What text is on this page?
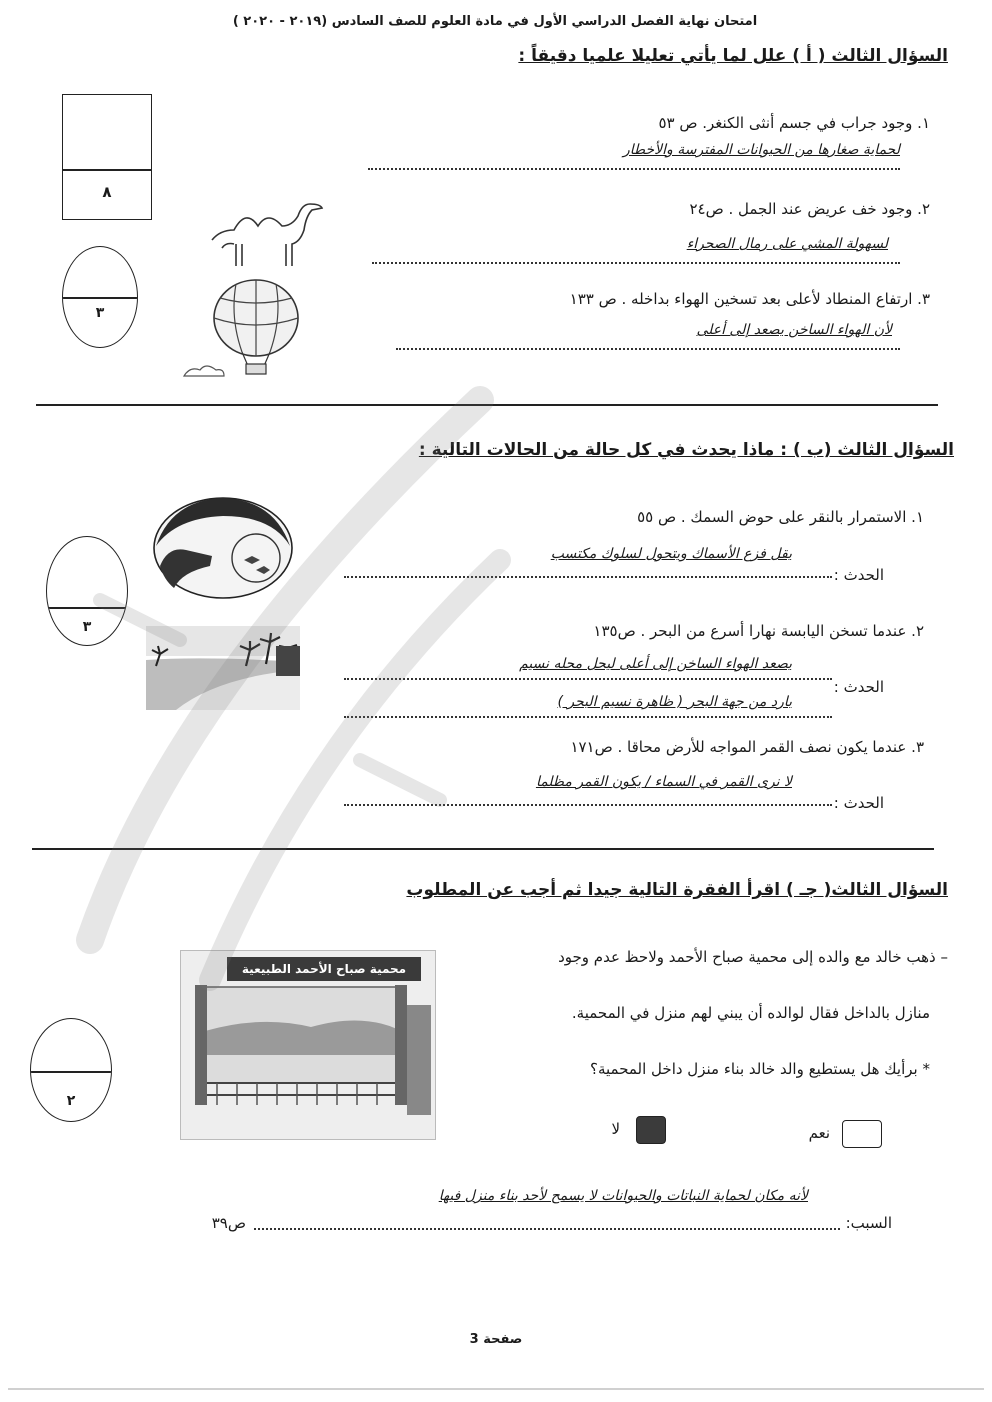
امتحان نهاية الفصل الدراسي الأول في مادة العلوم للصف السادس (٢٠١٩ - ٢٠٢٠ )
السؤال الثالث ( أ ) علل لما يأتي تعليلا علميا دقيقاً :
٨
٣
١. وجود جراب في جسم أنثى الكنغر. ص ٥٣
لحماية صغارها من الحيوانات المفترسة والأخطار
٢. وجود خف عريض عند الجمل . ص٢٤
لسهولة المشي على رمال الصحراء
٣. ارتفاع المنطاد لأعلى بعد تسخين الهواء بداخله . ص ١٣٣
لأن الهواء الساخن يصعد إلى أعلى
السؤال الثالث (ب ) : ماذا يحدث في كل حالة من الحالات التالية :
٣
١. الاستمرار بالنقر على حوض السمك . ص ٥٥
يقل فزع الأسماك ويتحول لسلوك مكتسب
الحدث :
٢. عندما تسخن اليابسة نهارا أسرع من البحر . ص١٣٥
يصعد الهواء الساخن إلى أعلى ليحل محله نسيم
الحدث :
بارد من جهة البحر ( ظاهرة نسيم البحر )
٣. عندما يكون نصف القمر المواجه للأرض محاقا . ص١٧١
لا نرى القمر في السماء / يكون القمر مظلما
الحدث :
السؤال الثالث( جـ ) اقرأ الفقرة التالية جيدا ثم أجب عن المطلوب
محمية صباح الأحمد الطبيعية
– ذهب خالد مع والده إلى محمية صباح الأحمد ولاحظ عدم وجود
منازل بالداخل فقال لوالده أن يبني لهم منزل في المحمية.
* برأيك هل يستطيع والد خالد بناء منزل داخل المحمية؟
نعم
لا
٢
لأنه مكان لحماية النباتات والحيوانات لا يسمح لأحد بناء منزل فيها
السبب:
ص٣٩
صفحة 3
